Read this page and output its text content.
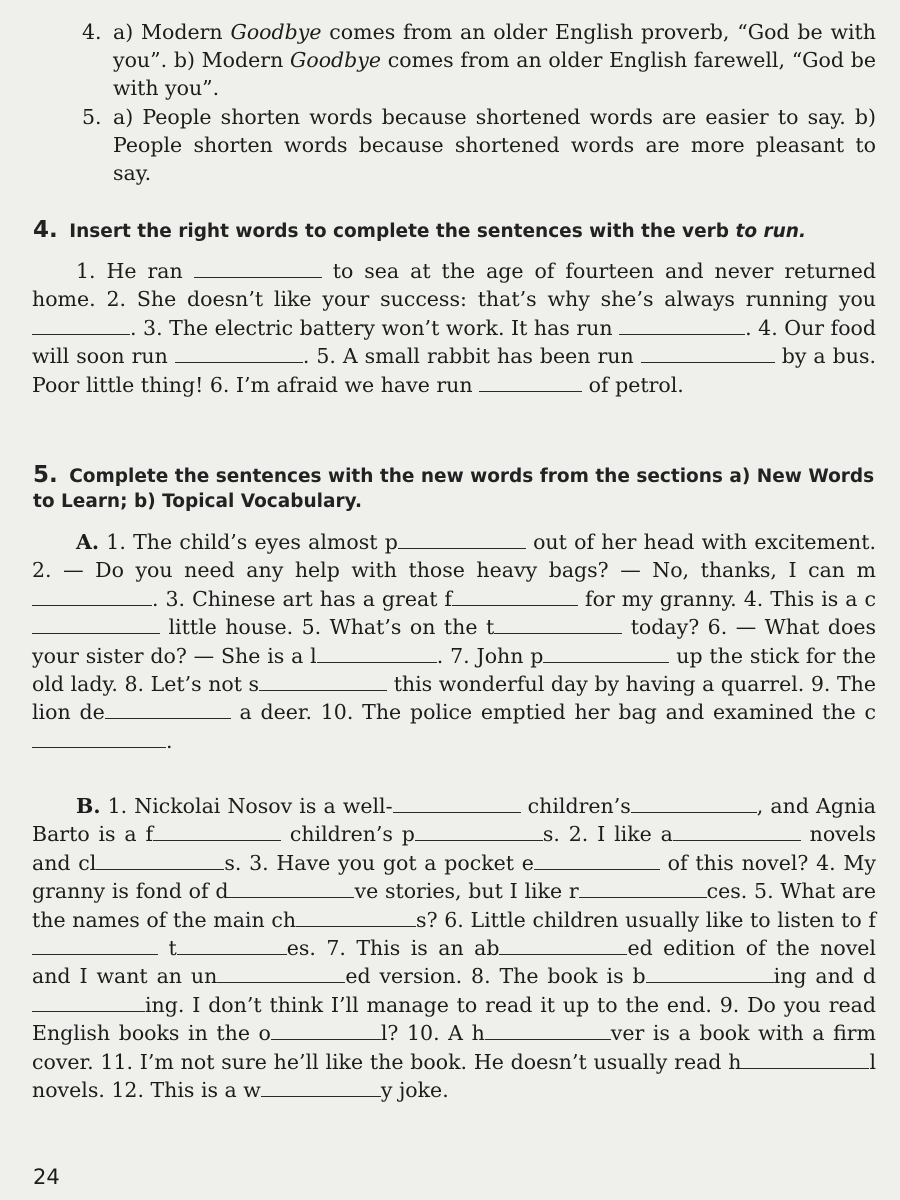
4. a) Modern Goodbye comes from an older English proverb, “God be with you”. b) Modern Goodbye comes from an older English farewell, “God be with you”.
5. a) People shorten words because shortened words are easier to say. b) People shorten words because shortened words are more pleasant to say.
4. Insert the right words to complete the sentences with the verb to run.
1. He ran	to sea at the age of fourteen and never returned home. 2. She doesn’t like your success: that’s why she’s always running you . 3. The electric battery won’t work. It has run	. 4. Our food will soon run	. 5. A small rabbit has been run	by a bus. Poor little thing! 6. I’m afraid we have run	of petrol.
5. Complete the sentences with the new words from the sections a) New Words to Learn; b) Topical Vocabulary.
A. 1. The child’s eyes almost p	out of her head with excitement. 2. — Do you need any help with those heavy bags? — No, thanks, I can m. 3. Chinese art has a great f	for my granny. 4. This is a c little house. 5. What’s on the t	today? 6. — What does your sister do? — She is a l	. 7. John p	up the stick for the old lady. 8. Let’s not s	this wonderful day by having a quarrel. 9. The lion de	a deer. 10. The police emptied her bag and examined the c.
B. 1. Nickolai Nosov is a well-	children’s	, and Agnia Barto is a f	children’s p	s. 2. I like a	novels and cl	s. 3. Have you got a pocket e	of this novel? 4. My granny is fond of d	ve stories, but I like r	ces. 5. What are the names of the main ch	s? 6. Little children usually like to listen to f t	es. 7. This is an ab	ed edition of the novel and I want an un	ed version. 8. The book is b	ing and ding. I don’t think I’ll manage to read it up to the end. 9. Do you read English books in the o	l? 10. A h	ver is a book with a firm cover. 11. I’m not sure he’ll like the book. He doesn’t usually read h	l novels. 12. This is a w	y joke.
24
